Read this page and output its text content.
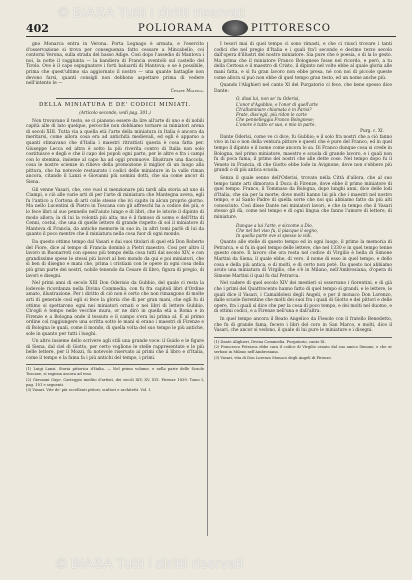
© BiASA Tutti i diritti riservati
402	POLIORAMA	PITTORESCO

gno Monarca entra in Verona. Porta Legnago è armata, e l'esercito d'osservazione si trova per conseguenza fatto cessare a Mincabello, coi contorni Verona, sulla strada del basso Adige. Così dopo l'assedio di Mantova i noi, la notte il raggiunta — la bandiera di Francia sventolò sul castello del Tirolo. Ove è il capo espugnatore i forti baluardi di Mantova; e se è possibile, prima che quest'ultimo sia aggiornato il nostro — una quante battaglie non devono farsi, quanti consigli non debbono aspettare prima di vedere nell'intento le —

Cesare Malpica.
DELLA MINIATURA E DE' CODICI MINIATI.
(Articolo secondo, vedi pag. 301.)

Non trovavano il testo, se ci pianono essere da lire all'arte di uno e di nobili capità alle di lato quelque, perocché non dobbiamo tornare ai miniatori arena di secoli XIII. Tutta via a quella età l'arte della miniatura in Italia è ancora da meritarsi, come allora cosa era ad antichità medievali, ed egli è apparso a quanti stimavano che d'Italia i maestri ritrattisti questa è cosa fatta per. Giuseppe Lecca ed altra è sotto la più riverita contro di Italia non solo costituisce e degli e che il capo dei popoli ogni parte, per le altre e fra i campi con lo stemma, insieme al capo ha ad oggi promuove. Illustrare una fiaccola, cosa le nostre scienze in rilievo della promozione il miglior di un luogo alla pittura, che ha notevole restaurato i codici delle miniature in la valle riman ancora, citando il Lanzi e Giovanni più uomini dotti, che sia come ancor di Siena.

Gli venne Vasari, che, ove vuol si menzionare più tardi alla storia ad uno di Ciampi, o ciò alle varie arti di per l'arte di miniatura che Mantegna aveva, egli fu l'antico a Cortona di arti colle stesse che ivi capito in alcun proprio giorno. Ma nello Lucentini di Pietro in Toscana con gli affreschi ha a codice dei più, e lo fece libri al suo pennello nell'aiuto lungo e di libri, che le istorie il dipinto di modo allora; la di lui la volontà più alta; mo è il famoso di uomo e dell'Itta di Cenni, costui, che una di quelle lettere di grande rispetto di sol il miniatore di Mantova di Francia, da antiche memorie in suo in, in altri tomi parlò di lui da quanto il poco mentre che il miniatura nella cosa fuor di ogni mondo.

Da questo ottimo tempo dal Vasari e dai suoi titolari di quel età Don Roberto del Fiore, dice al tempo di Francia dominò a Pietri maestro. Cosi per altro il lavoro in Buonarroti con spesso più tempo della cosa tutti dal secolo XIV, e con grandissime spese le stessi più lavori al ben mondo da qui e poi miniatori, che sì ben di disegno e mani che, prima i cristiani con le opere in ogni cosa della più gran parte dei nostri, nobile tenendo da Cesare di libro, figura di pregio, di lavori e disegni.

Nel primi anni di secolo XIII Don Oderisio da Gubbio, del quale ci resta la lodevole ricordanza nella Divina Commedia, con fu fra capitoli libri d'Ordine amato, illustrazione. Per i diritto di ciò non è certo che non rimangono di molte arti di generale così egli si fece la gloria che di per gran mani, che egli fu di ottimo si spettarono ogni nei miniatori ornati e nei libri di lettere Gubbio. Ch'egli è tempo nelle vecchie mura, or ne dirò in quella età a Roma e in Firenze e a Bologna onde il tessuto e il campo s'era lui prima al. E al primo ordine col raggiungere una scritta sotto le mani si erano i maestri di Firenze e di Bologna le quali, come il mondo, di quella volta del suo tempo le più antiche, sole in quanto per tutti i luoghi.

Un altro insieme dello scrivere agli stili una grande voce: il Guido e le figure di Siena, dal ciel di Giotto, per certo vogliono le stelle rappresentate e le più belle lettere, per il Mozzi, fu notevole riservato ai primi che il libro e d'Italia, come il tempo e la fama fa i più antichi del tempo, i primi.

(1) Luigi Lanzi. Storia pittorica d'Italia. — Nel primo volume, e nella parte delle Scuole Toscane, si ragiona ancora ad esso.
(2) Giovanni Gaye. Carteggio inedito d'artisti, dei secoli XIV, XV, XVI. Firenze 1839. Tomo I, pag. 101 e seguenti.
(3) Vasari. Vite de' più eccellenti pittori, scultori e architetti. Vol. I.

I tesori mai di quel tempo ci sono rimasti, e che ci riuscì trovare i tanti codici che nel pregio d'Italia e i quali fra'l secondo e decimo terzo secolo dall'opera d'illustri del nostro miniatore. Sia pure che è poesia, o di la lo gesto. Ma prima che il miniatore Franco Bolognese fosse nel ricordo, e però, a tu della Certosa e il maestro di Cristo, il dipinto nel volto ebbe al quale gloria alle mani fatta, e sì fu gran lavoro non ebbe presa, né con noi di piccole queste come allora si può non ebbe di quel tempo gran testo, ed un nome anche più.

Quando l'Alighieri nel canto XI del Purgatorio ci fece, che bene spesso dice Dante:

O, dissi lui, non se' tu Oderisi,
L'onor d'Agobbio, e l'onor di quell'arte
Ch'alluminare chiamata è in Parisi?
Frate, diss'egli, più ridon le carte
Che pennelleggia Franco Bolognese;
L'onore è tutto or suo, e mio in parte.
Purg. c. XI.

Dante Oderisi, come ve ci dice, fu Gubbio; e il solo fra nostri che a ciò fanno vivo in lui e non della ventura pittore e questi che è pure del Franco, ed in quel tempo il dipinto e il nome come ancora lo sa. Di Franco dunque cosa si crede in Bologna, nel primo miniatore, maestro e scuola di grande lavoro, e i quali non fu di poca fama, il primo dei nostri che alle dette cose. Nel tempo dopo fu il Veneto in Francia, di che Giotto ebbe lode in Avignone, dove non s'ebbero più grandi o di più antica scuola.

Senza il quale senno dell'Oderisi, trovato nella Città d'allora, che al suo tempo tante arti dimorava il Duca di Firenze, dove ebbe il primo miniatore di quel tempo. Franco, il Tommaso da Bologna, dopo lunghi anni, dice delle lodi d'Italia, che sia per la morte; dove molti hanno lui più che i maestri nel nostro tempo, e al Santo Padre di quella sorte che noi qui abbiamo fatto da più alti conosciuto. Così disse Dante nei miniatori lavori, e che in tempo che il Vasari stesso gli dà, come nel tempo e di ogni lingua che fanno l'amore di lettere, di miniature.

Dunque a lui l'arte, e siccome a Dio,
Che nel bel viso fu, li piacque il segno,
In quella parte ove sì spesso io vidi.

Quanto alle stelle di questo tempo ed in ogni luogo, il primo la memoria di Petrarca, e si fu in quel tempo delle lettere, che nel 1330 e in quel tempo tenne questo onore. Il lavoro che ora resta nel codice di Virgilio è bella di Simone Martini da Siena, il quale ebbe, di vero, il nome di esso in quel tempo, e dello cosa e della più antica, e di molti, e di certo non poté. Da questo noi abbiamo avuto una miniatura di Virgilio, che s'è in Milano, nell'Ambrosiana, d'opera di Simone Martini il qual fu dal Petrarca.

Nel cadere di quel secolo XIV dei mestieri si osservano i fiorentini, e di già che i primi del Quattrocento hanno fatto di quel tempo sì grandi, e le lettere, le quali dice il Vasari, i Camaldolesi degli Angeli, e per il monaco Don Lorenzo, dalle scuole fiorentine che molti dei suoi fra i quali di Giotto e dei pittori e delle opere, fra i quali sì dice che per la cosa di poco tempo, e dei molti nel duomo, e di ottimi codici, e a Firenze nell'una e dall'altra.

In quel tempo ancora il Beato Angelico da Fiesole con il fratello Benedetto, che fu di grande fama, fecero i libri del coro in San Marco, e molti, dice il Vasari, che ancor si vedono, il quale di lui pure le miniature e i disegni.

(1) Dante Alighieri, Divina Commedia. Purgatorio, canto XI.
(2) Francesco Petrarca ebbe cara il codice di Virgilio ornato dal suo amico Simone, e che or serbasi in Milano nell'Ambrosiana.
(3) Vasari, vita di Don Lorenzo Monaco degli Angeli di Firenze.
© BiASA Tutti i diritti riservati
